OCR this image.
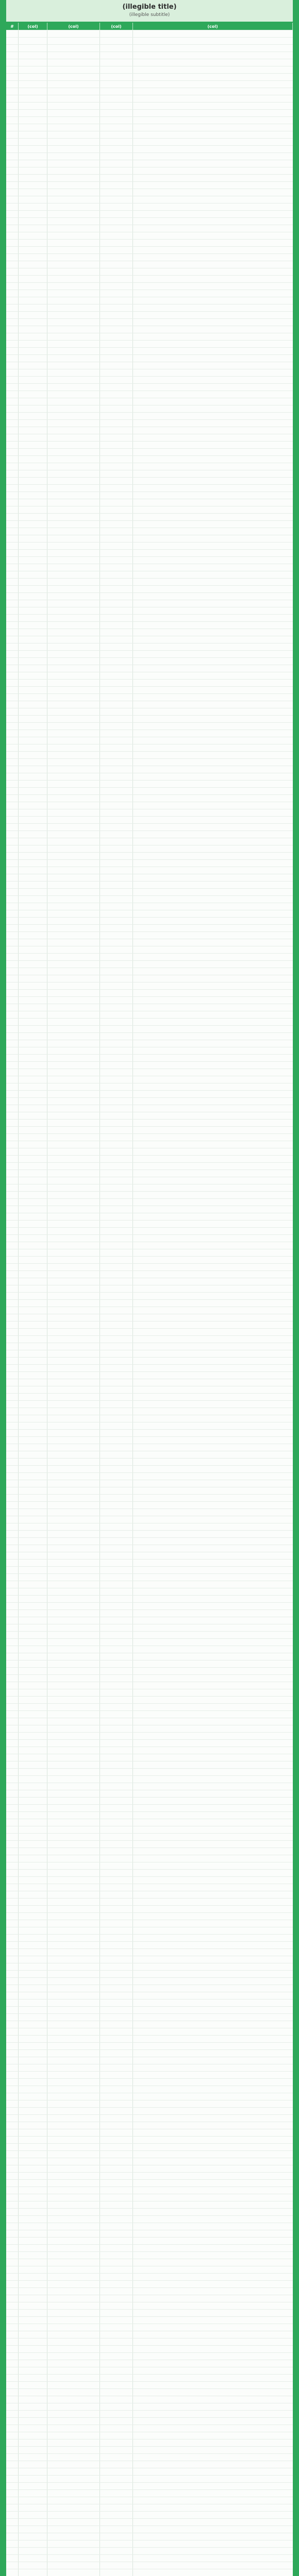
(illegible title)
(illegible subtitle)
#	(col)	(col)	(col)	(col)
